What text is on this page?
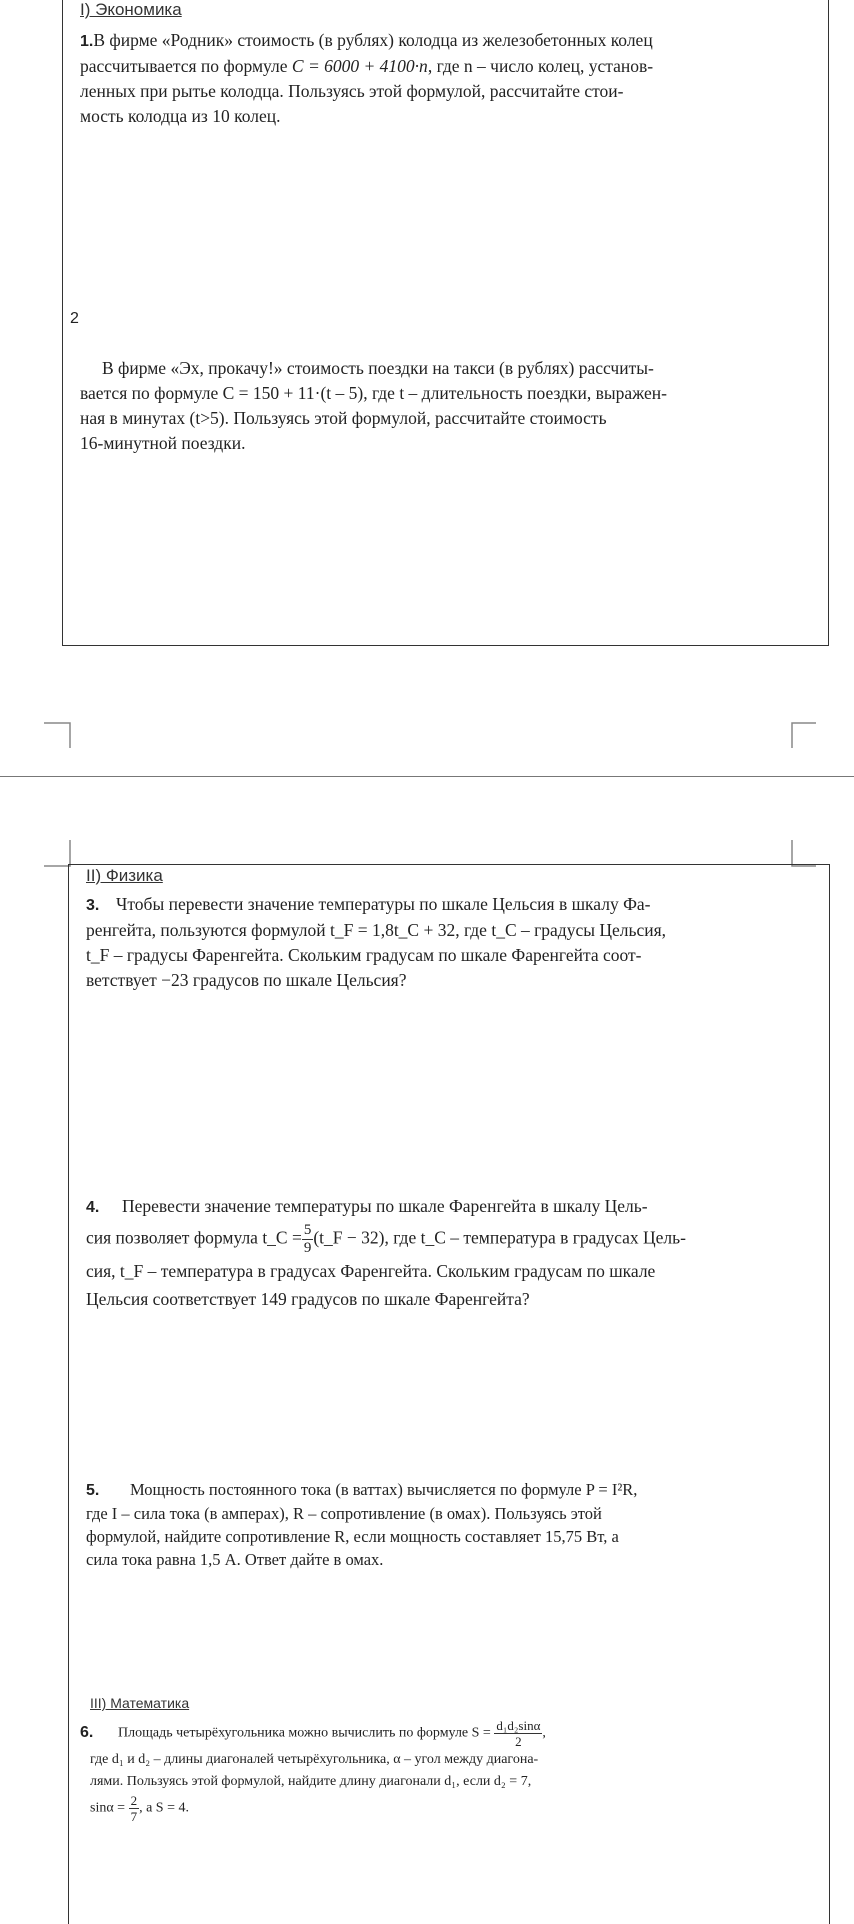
I) Экономика
1.В фирме «Родник» стоимость (в рублях) колодца из железобетонных колец
рассчитывается по формуле C = 6000 + 4100·n, где n – число колец, установ-
ленных при рытье колодца. Пользуясь этой формулой, рассчитайте стои-
мость колодца из 10 колец.
2
В фирме «Эх, прокачу!» стоимость поездки на такси (в рублях) рассчиты-
вается по формуле C = 150 + 11·(t – 5), где t – длительность поездки, выражен-
ная в минутах (t>5). Пользуясь этой формулой, рассчитайте стоимость
16-минутной поездки.
II) Физика
3. Чтобы перевести значение температуры по шкале Цельсия в шкалу Фа-
ренгейта, пользуются формулой t_F = 1,8t_C + 32, где t_C – градусы Цельсия,
t_F – градусы Фаренгейта. Скольким градусам по шкале Фаренгейта соот-
ветствует −23 градусов по шкале Цельсия?
4. Перевести значение температуры по шкале Фаренгейта в шкалу Цель-
сия позволяет формула t_C = $\frac{5}{9}$ (t_F − 32), где t_C – температура в градусах Цель-
сия, t_F – температура в градусах Фаренгейта. Скольким градусам по шкале
Цельсия соответствует 149 градусов по шкале Фаренгейта?
5. Мощность постоянного тока (в ваттах) вычисляется по формуле P = I²R,
где I – сила тока (в амперах), R – сопротивление (в омах). Пользуясь этой
формулой, найдите сопротивление R, если мощность составляет 15,75 Вт, а
сила тока равна 1,5 А. Ответ дайте в омах.
III) Математика
6. Площадь четырёхугольника можно вычислить по формуле $S = \frac{\text{d₁d₂sinα}}{2}$ ,
где d₁ и d₂ – длины диагоналей четырёхугольника, α – угол между диагона-
лями. Пользуясь этой формулой, найдите длину диагонали d₁, если d₂ = 7,
$\sin\alpha = \frac{2}{7}$ , а S = 4.
